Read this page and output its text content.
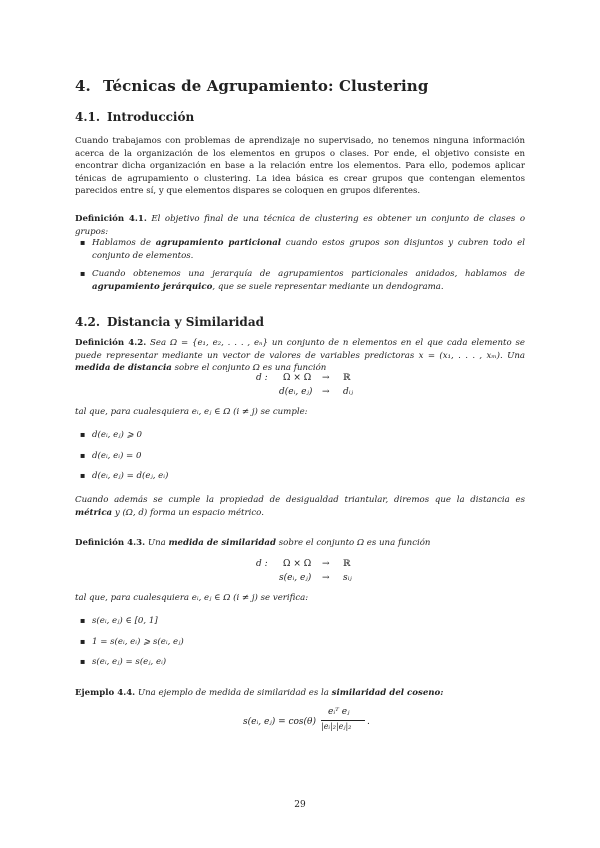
4. Técnicas de Agrupamiento: Clustering
4.1. Introducción
Cuando trabajamos con problemas de aprendizaje no supervisado, no tenemos ninguna información acerca de la organización de los elementos en grupos o clases. Por ende, el objetivo consiste en encontrar dicha organización en base a la relación entre los elementos. Para ello, podemos aplicar ténicas de agrupamiento o clustering. La idea básica es crear grupos que contengan elementos parecidos entre sí, y que elementos dispares se coloquen en grupos diferentes.
Definición 4.1. El objetivo final de una técnica de clustering es obtener un conjunto de clases o grupos:
▪ Hablamos de agrupamiento particional cuando estos grupos son disjuntos y cubren todo el conjunto de elementos.
▪ Cuando obtenemos una jerarquía de agrupamientos particionales anidados, hablamos de agrupamiento jerárquico, que se suele representar mediante un dendograma.
4.2. Distancia y Similaridad
Definición 4.2. Sea Ω = {e₁, e₂, . . . , eₙ} un conjunto de n elementos en el que cada elemento se puede representar mediante un vector de valores de variables predictoras x = (x₁, . . . , xₘ). Una medida de distancia sobre el conjunto Ω es una función
d : Ω × Ω → ℝ
d(eᵢ, eⱼ) → dᵢⱼ
tal que, para cualesquiera eᵢ, eⱼ ∈ Ω (i ≠ j) se cumple:
▪ d(eᵢ, eⱼ) ⩾ 0
▪ d(eᵢ, eᵢ) = 0
▪ d(eᵢ, eⱼ) = d(eⱼ, eᵢ)
Cuando además se cumple la propiedad de desigualdad triantular, diremos que la distancia es métrica y (Ω, d) forma un espacio métrico.
Definición 4.3. Una medida de similaridad sobre el conjunto Ω es una función
d : Ω × Ω → ℝ
s(eᵢ, eⱼ) → sᵢⱼ
tal que, para cualesquiera eᵢ, eⱼ ∈ Ω (i ≠ j) se verifica:
▪ s(eᵢ, eⱼ) ∈ [0, 1]
▪ 1 = s(eᵢ, eᵢ) ⩾ s(eᵢ, eⱼ)
▪ s(eᵢ, eⱼ) = s(eⱼ, eᵢ)
Ejemplo 4.4. Una ejemplo de medida de similaridad es la similaridad del coseno:
s(eᵢ, eⱼ) = cos(θ)
eᵢᵀ eⱼ
|eᵢ|₂|eⱼ|₂ .
29
